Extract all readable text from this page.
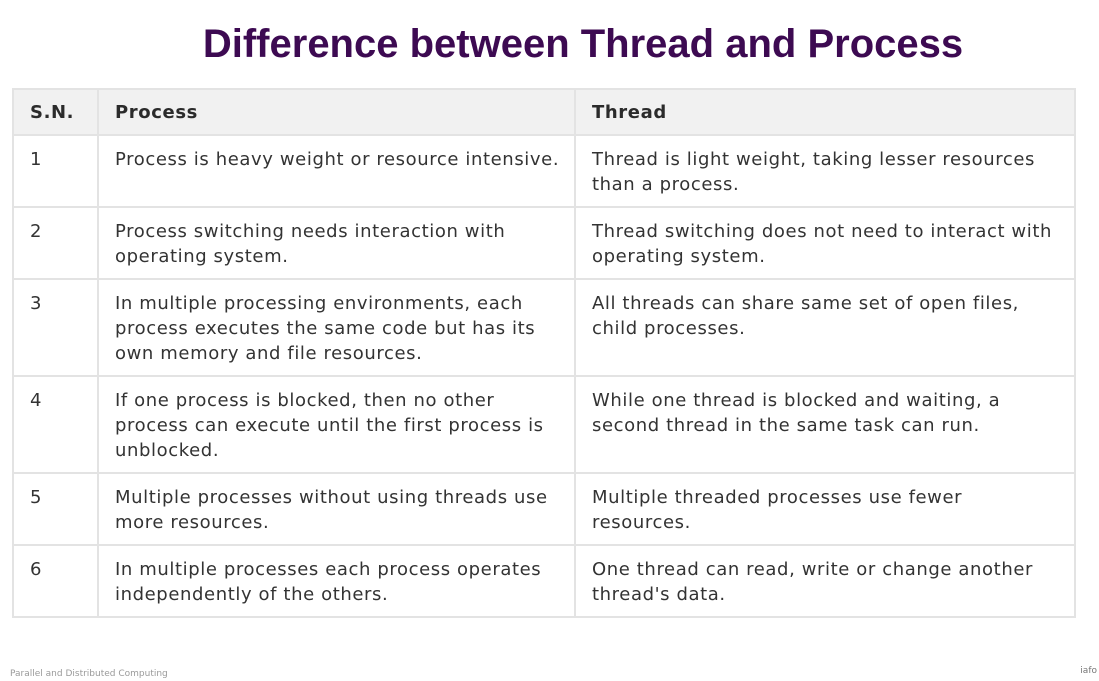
Difference between Thread and Process
S.N.	Process	Thread
1	Process is heavy weight or resource intensive.	Thread is light weight, taking lesser resources than a process.
2	Process switching needs interaction with operating system.	Thread switching does not need to interact with operating system.
3	In multiple processing environments, each process executes the same code but has its own memory and file resources.	All threads can share same set of open files, child processes.
4	If one process is blocked, then no other process can execute until the first process is unblocked.	While one thread is blocked and waiting, a second thread in the same task can run.
5	Multiple processes without using threads use more resources.	Multiple threaded processes use fewer resources.
6	In multiple processes each process operates independently of the others.	One thread can read, write or change another thread's data.
Parallel and Distributed Computing	iafo
